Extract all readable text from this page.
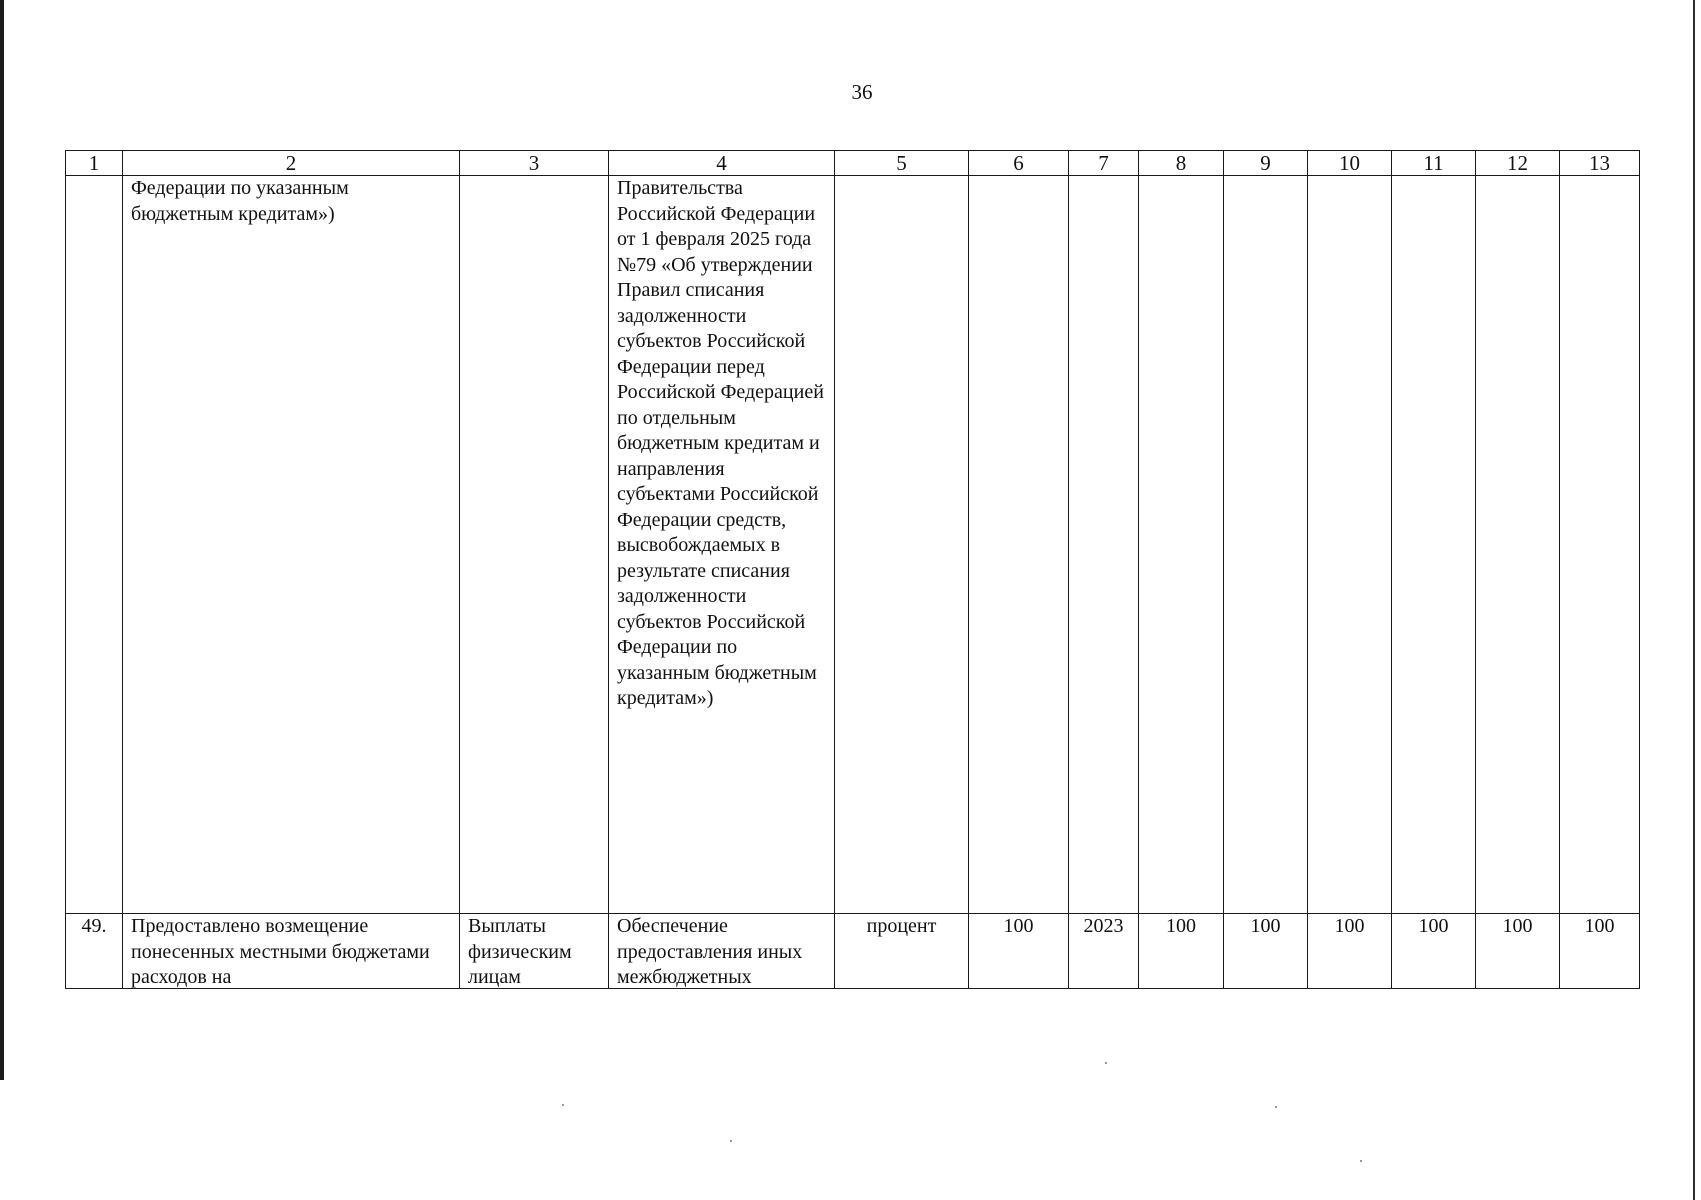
36
1	2	3	4	5	6	7	8	9	10	11	12	13

	Федерации по указанным бюджетным кредитам»)		Правительства Российской Федерации от 1 февраля 2025 года №79 «Об утверждении Правил списания задолженности субъектов Российской Федерации перед Российской Федерацией по отдельным бюджетным кредитам и направления субъектами Российской Федерации средств, высвобождаемых в результате списания задолженности субъектов Российской Федерации по указанным бюджетным кредитам»)									

49.	Предоставлено возмещение понесенных местными бюджетами расходов на	Выплаты физическим лицам	Обеспечение предоставления иных межбюджетных	процент	100	2023	100	100	100	100	100	100
